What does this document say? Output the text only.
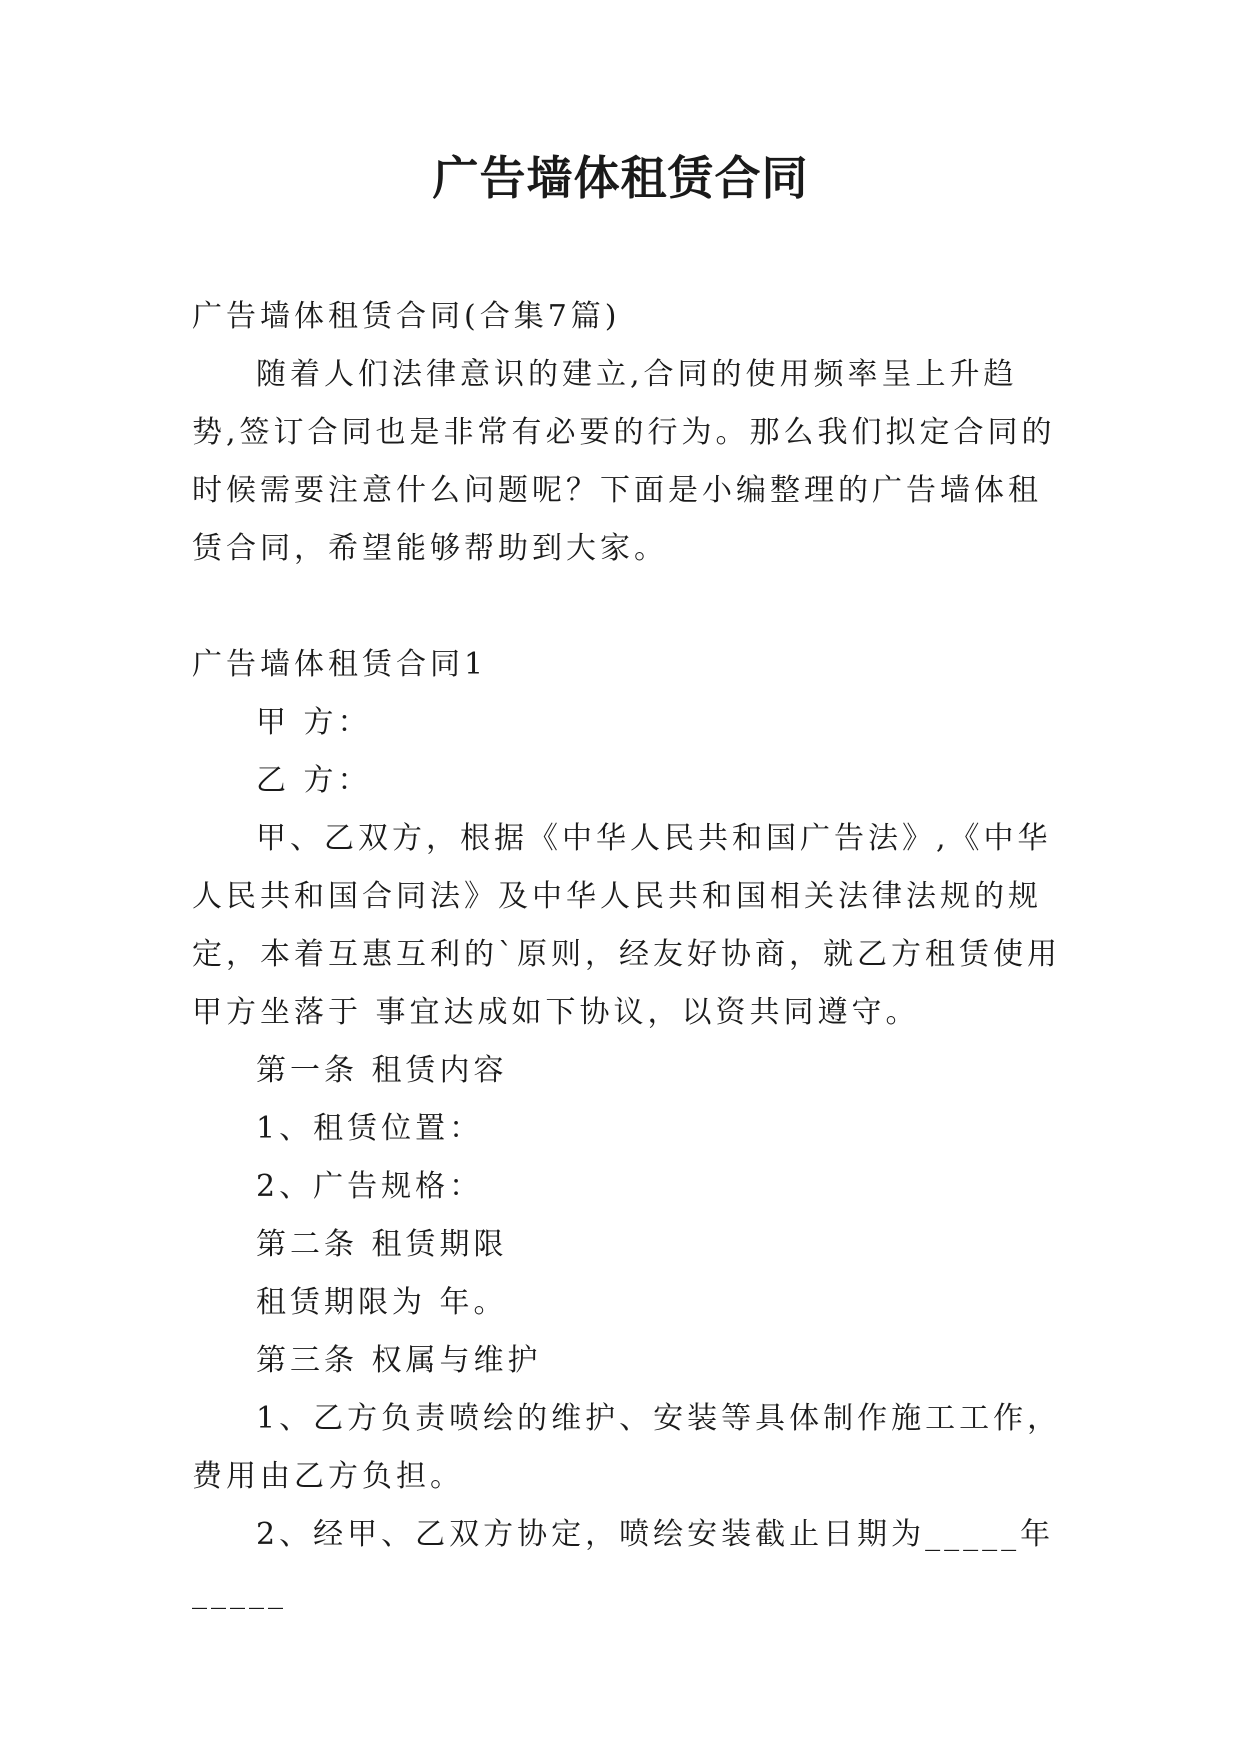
广告墙体租赁合同

广告墙体租赁合同(合集7篇)

随着人们法律意识的建立,合同的使用频率呈上升趋势,签订合同也是非常有必要的行为。那么我们拟定合同的时候需要注意什么问题呢？下面是小编整理的广告墙体租赁合同，希望能够帮助到大家。

广告墙体租赁合同1

甲 方：

乙 方：

甲、乙双方，根据《中华人民共和国广告法》,《中华人民共和国合同法》及中华人民共和国相关法律法规的规定，本着互惠互利的`原则，经友好协商，就乙方租赁使用甲方坐落于 事宜达成如下协议，以资共同遵守。

第一条 租赁内容

1、租赁位置：

2、广告规格：

第二条 租赁期限

租赁期限为 年。

第三条 权属与维护

1、乙方负责喷绘的维护、安装等具体制作施工工作，费用由乙方负担。

2、经甲、乙双方协定，喷绘安装截止日期为_____年_____
